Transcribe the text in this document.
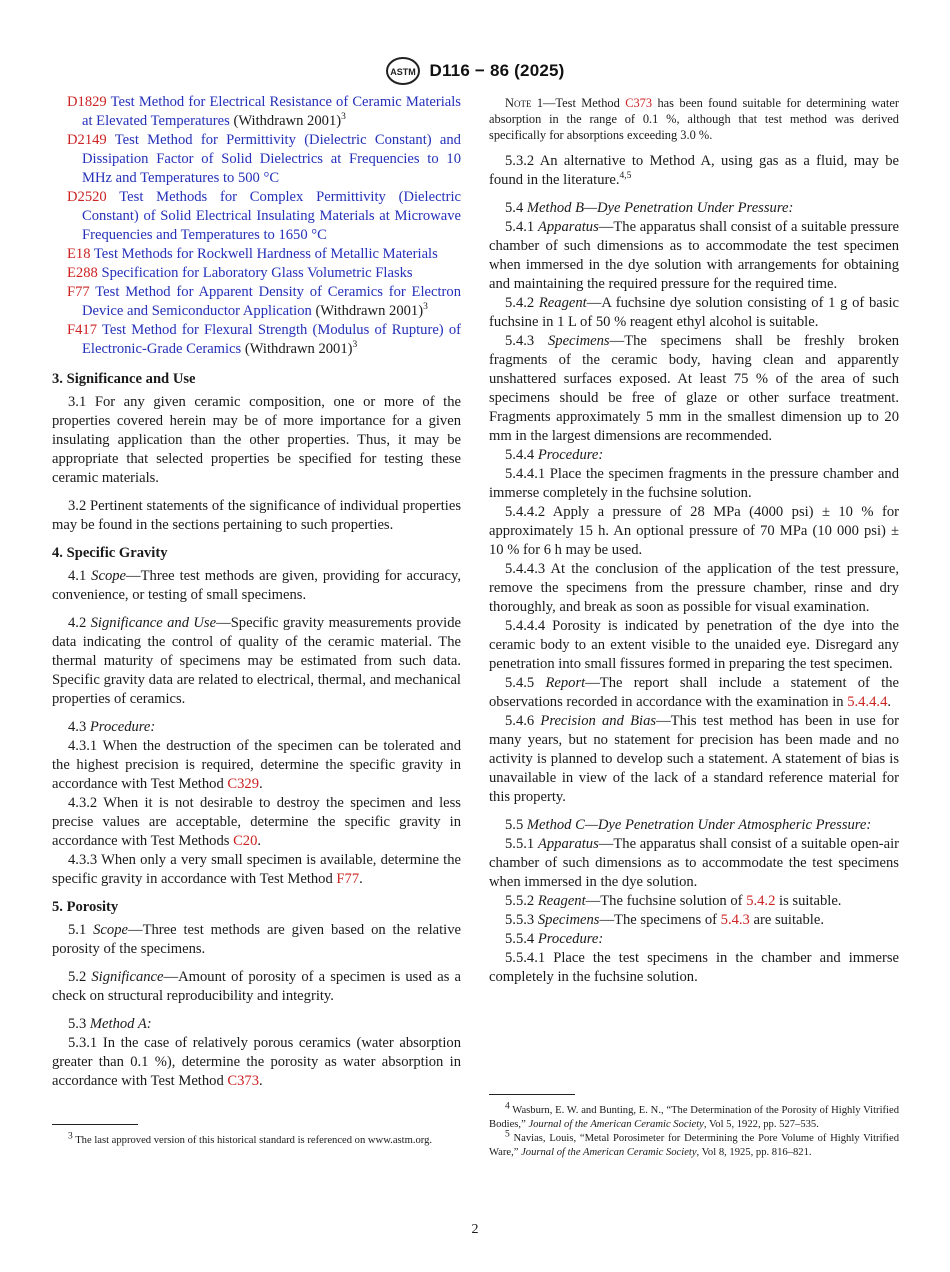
ASTM D116 − 86 (2025)
D1829 Test Method for Electrical Resistance of Ceramic Materials at Elevated Temperatures (Withdrawn 2001)$^3$
D2149 Test Method for Permittivity (Dielectric Constant) and Dissipation Factor of Solid Dielectrics at Frequencies to 10 MHz and Temperatures to 500 °C
D2520 Test Methods for Complex Permittivity (Dielectric Constant) of Solid Electrical Insulating Materials at Microwave Frequencies and Temperatures to 1650 °C
E18 Test Methods for Rockwell Hardness of Metallic Materials
E288 Specification for Laboratory Glass Volumetric Flasks
F77 Test Method for Apparent Density of Ceramics for Electron Device and Semiconductor Application (Withdrawn 2001)$^3$
F417 Test Method for Flexural Strength (Modulus of Rupture) of Electronic-Grade Ceramics (Withdrawn 2001)$^3$
3. Significance and Use
3.1 For any given ceramic composition, one or more of the properties covered herein may be of more importance for a given insulating application than the other properties. Thus, it may be appropriate that selected properties be specified for testing these ceramic materials.
3.2 Pertinent statements of the significance of individual properties may be found in the sections pertaining to such properties.
4. Specific Gravity
4.1 Scope—Three test methods are given, providing for accuracy, convenience, or testing of small specimens.
4.2 Significance and Use—Specific gravity measurements provide data indicating the control of quality of the ceramic material. The thermal maturity of specimens may be estimated from such data. Specific gravity data are related to electrical, thermal, and mechanical properties of ceramics.
4.3 Procedure:
4.3.1 When the destruction of the specimen can be tolerated and the highest precision is required, determine the specific gravity in accordance with Test Method C329.
4.3.2 When it is not desirable to destroy the specimen and less precise values are acceptable, determine the specific gravity in accordance with Test Methods C20.
4.3.3 When only a very small specimen is available, determine the specific gravity in accordance with Test Method F77.
5. Porosity
5.1 Scope—Three test methods are given based on the relative porosity of the specimens.
5.2 Significance—Amount of porosity of a specimen is used as a check on structural reproducibility and integrity.
5.3 Method A:
5.3.1 In the case of relatively porous ceramics (water absorption greater than 0.1 %), determine the porosity as water absorption in accordance with Test Method C373.
Note 1—Test Method C373 has been found suitable for determining water absorption in the range of 0.1 %, although that test method was derived specifically for absorptions exceeding 3.0 %.
5.3.2 An alternative to Method A, using gas as a fluid, may be found in the literature.$^{4,5}$
5.4 Method B—Dye Penetration Under Pressure:
5.4.1 Apparatus—The apparatus shall consist of a suitable pressure chamber of such dimensions as to accommodate the test specimen when immersed in the dye solution with arrangements for obtaining and maintaining the required pressure for the required time.
5.4.2 Reagent—A fuchsine dye solution consisting of 1 g of basic fuchsine in 1 L of 50 % reagent ethyl alcohol is suitable.
5.4.3 Specimens—The specimens shall be freshly broken fragments of the ceramic body, having clean and apparently unshattered surfaces exposed. At least 75 % of the area of such specimens should be free of glaze or other surface treatment. Fragments approximately 5 mm in the smallest dimension up to 20 mm in the largest dimensions are recommended.
5.4.4 Procedure:
5.4.4.1 Place the specimen fragments in the pressure chamber and immerse completely in the fuchsine solution.
5.4.4.2 Apply a pressure of 28 MPa (4000 psi) ± 10 % for approximately 15 h. An optional pressure of 70 MPa (10 000 psi) ± 10 % for 6 h may be used.
5.4.4.3 At the conclusion of the application of the test pressure, remove the specimens from the pressure chamber, rinse and dry thoroughly, and break as soon as possible for visual examination.
5.4.4.4 Porosity is indicated by penetration of the dye into the ceramic body to an extent visible to the unaided eye. Disregard any penetration into small fissures formed in preparing the test specimen.
5.4.5 Report—The report shall include a statement of the observations recorded in accordance with the examination in 5.4.4.4.
5.4.6 Precision and Bias—This test method has been in use for many years, but no statement for precision has been made and no activity is planned to develop such a statement. A statement of bias is unavailable in view of the lack of a standard reference material for this property.
5.5 Method C—Dye Penetration Under Atmospheric Pressure:
5.5.1 Apparatus—The apparatus shall consist of a suitable open-air chamber of such dimensions as to accommodate the test specimens when immersed in the dye solution.
5.5.2 Reagent—The fuchsine solution of 5.4.2 is suitable.
5.5.3 Specimens—The specimens of 5.4.3 are suitable.
5.5.4 Procedure:
5.5.4.1 Place the test specimens in the chamber and immerse completely in the fuchsine solution.
$^3$ The last approved version of this historical standard is referenced on www.astm.org.
$^4$ Wasburn, E. W. and Bunting, E. N., “The Determination of the Porosity of Highly Vitrified Bodies,” Journal of the American Ceramic Society, Vol 5, 1922, pp. 527–535.
$^5$ Navias, Louis, “Metal Porosimeter for Determining the Pore Volume of Highly Vitrified Ware,” Journal of the American Ceramic Society, Vol 8, 1925, pp. 816–821.
2
